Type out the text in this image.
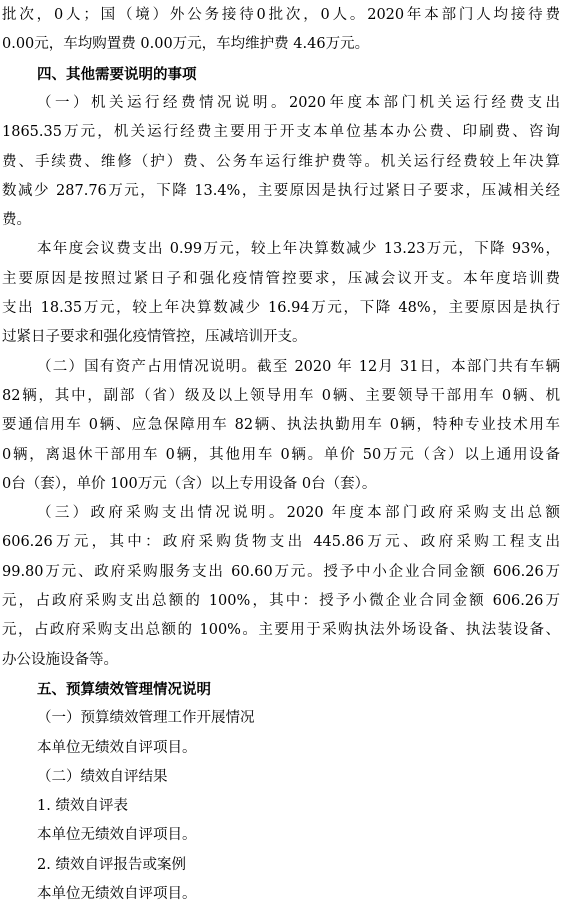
批次，0人；国（境）外公务接待0批次，0人。2020年本部门人均接待费
0.00元，车均购置费 0.00万元，车均维护费 4.46万元。
四、其他需要说明的事项
（一）机关运行经费情况说明。2020年度本部门机关运行经费支出
1865.35万元，机关运行经费主要用于开支本单位基本办公费、印刷费、咨询
费、手续费、维修（护）费、公务车运行维护费等。机关运行经费较上年决算
数减少 287.76万元，下降 13.4%，主要原因是执行过紧日子要求，压减相关经
费。
本年度会议费支出 0.99万元，较上年决算数减少 13.23万元，下降 93%，
主要原因是按照过紧日子和强化疫情管控要求，压减会议开支。本年度培训费
支出 18.35万元，较上年决算数减少 16.94万元，下降 48%，主要原因是执行
过紧日子要求和强化疫情管控，压减培训开支。
（二）国有资产占用情况说明。截至 2020 年 12月 31日，本部门共有车辆
82辆，其中，副部（省）级及以上领导用车 0辆、主要领导干部用车 0辆、机
要通信用车 0辆、应急保障用车 82辆、执法执勤用车 0辆，特种专业技术用车
0辆，离退休干部用车 0辆，其他用车 0辆。单价 50万元（含）以上通用设备
0台（套），单价 100万元（含）以上专用设备 0台（套）。
（三）政府采购支出情况说明。2020 年度本部门政府采购支出总额
606.26万元，其中：政府采购货物支出 445.86万元、政府采购工程支出
99.80万元、政府采购服务支出 60.60万元。授予中小企业合同金额 606.26万
元，占政府采购支出总额的 100%，其中：授予小微企业合同金额 606.26万
元，占政府采购支出总额的 100%。主要用于采购执法外场设备、执法装设备、
办公设施设备等。
五、预算绩效管理情况说明
（一）预算绩效管理工作开展情况
本单位无绩效自评项目。
（二）绩效自评结果
1. 绩效自评表
本单位无绩效自评项目。
2. 绩效自评报告或案例
本单位无绩效自评项目。
